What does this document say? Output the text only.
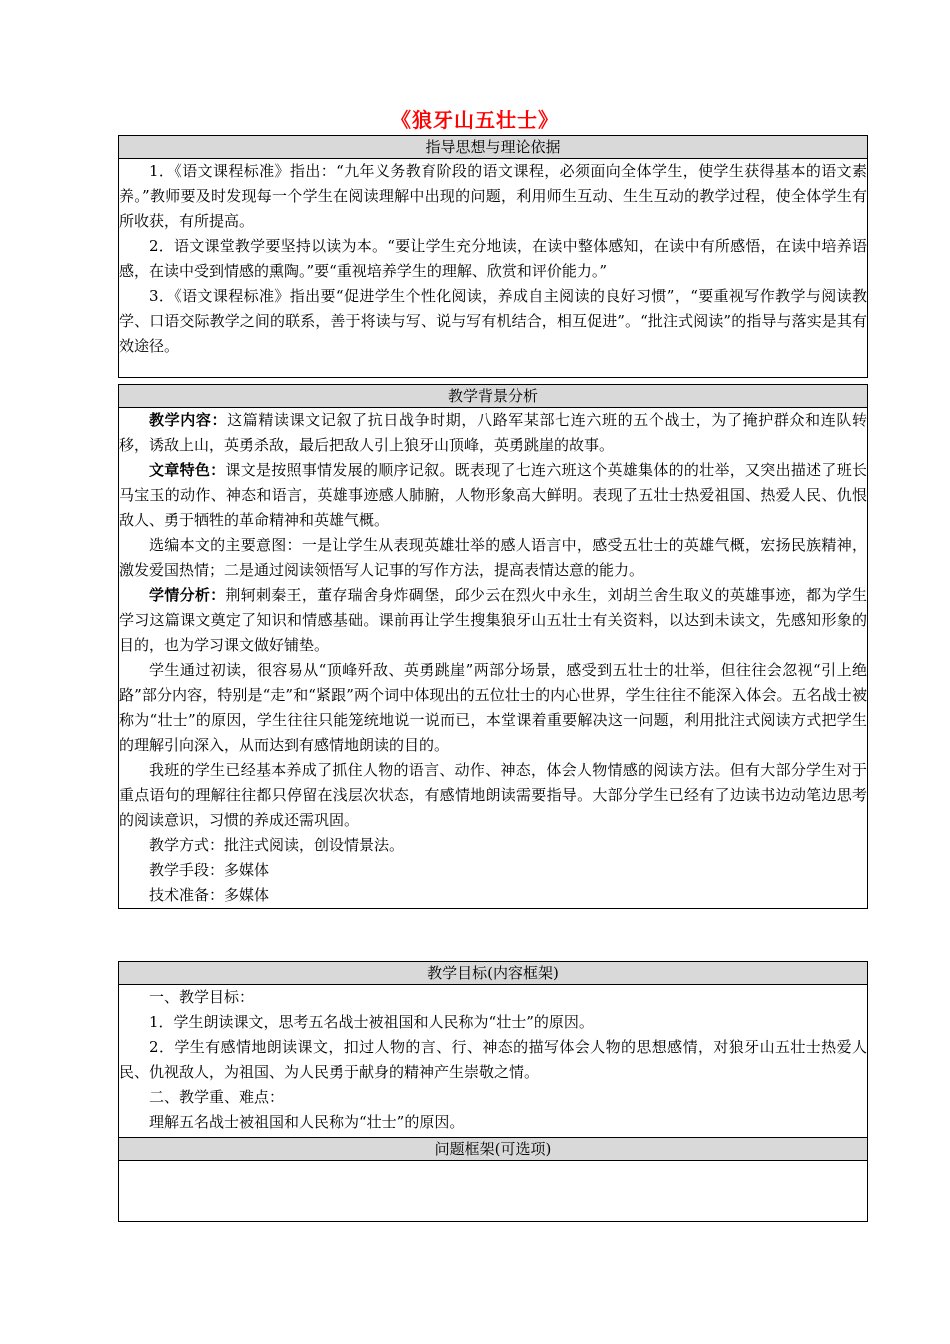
《狼牙山五壮士》
指导思想与理论依据

1．《语文课程标准》指出：“九年义务教育阶段的语文课程，必须面向全体学生，使学生获得基本的语文素养。”教师要及时发现每一个学生在阅读理解中出现的问题，利用师生互动、生生互动的教学过程，使全体学生有所收获，有所提高。

2．语文课堂教学要坚持以读为本。“要让学生充分地读，在读中整体感知，在读中有所感悟，在读中培养语感，在读中受到情感的熏陶。”要“重视培养学生的理解、欣赏和评价能力。”

3．《语文课程标准》指出要“促进学生个性化阅读，养成自主阅读的良好习惯”，“要重视写作教学与阅读教学、口语交际教学之间的联系，善于将读与写、说与写有机结合，相互促进”。“批注式阅读”的指导与落实是其有效途径。

教学背景分析

教学内容：这篇精读课文记叙了抗日战争时期，八路军某部七连六班的五个战士，为了掩护群众和连队转移，诱敌上山，英勇杀敌，最后把敌人引上狼牙山顶峰，英勇跳崖的故事。

文章特色：课文是按照事情发展的顺序记叙。既表现了七连六班这个英雄集体的的壮举，又突出描述了班长马宝玉的动作、神态和语言，英雄事迹感人肺腑，人物形象高大鲜明。表现了五壮士热爱祖国、热爱人民、仇恨敌人、勇于牺牲的革命精神和英雄气概。

选编本文的主要意图：一是让学生从表现英雄壮举的感人语言中，感受五壮士的英雄气概，宏扬民族精神，激发爱国热情；二是通过阅读领悟写人记事的写作方法，提高表情达意的能力。

学情分析：荆轲刺秦王，董存瑞舍身炸碉堡，邱少云在烈火中永生，刘胡兰舍生取义的英雄事迹，都为学生学习这篇课文奠定了知识和情感基础。课前再让学生搜集狼牙山五壮士有关资料，以达到未读文，先感知形象的目的，也为学习课文做好铺垫。

学生通过初读，很容易从“顶峰歼敌、英勇跳崖”两部分场景，感受到五壮士的壮举，但往往会忽视“引上绝路”部分内容，特别是“走”和“紧跟”两个词中体现出的五位壮士的内心世界，学生往往不能深入体会。五名战士被称为“壮士”的原因，学生往往只能笼统地说一说而已，本堂课着重要解决这一问题，利用批注式阅读方式把学生的理解引向深入，从而达到有感情地朗读的目的。

我班的学生已经基本养成了抓住人物的语言、动作、神态，体会人物情感的阅读方法。但有大部分学生对于重点语句的理解往往都只停留在浅层次状态，有感情地朗读需要指导。大部分学生已经有了边读书边动笔边思考的阅读意识，习惯的养成还需巩固。

教学方式：批注式阅读，创设情景法。

教学手段：多媒体

技术准备：多媒体

教学目标(内容框架)

一、教学目标：

1．学生朗读课文，思考五名战士被祖国和人民称为“壮士”的原因。

2．学生有感情地朗读课文，扣过人物的言、行、神态的描写体会人物的思想感情，对狼牙山五壮士热爱人民、仇视敌人，为祖国、为人民勇于献身的精神产生崇敬之情。

二、教学重、难点：

理解五名战士被祖国和人民称为“壮士”的原因。

问题框架(可选项)
